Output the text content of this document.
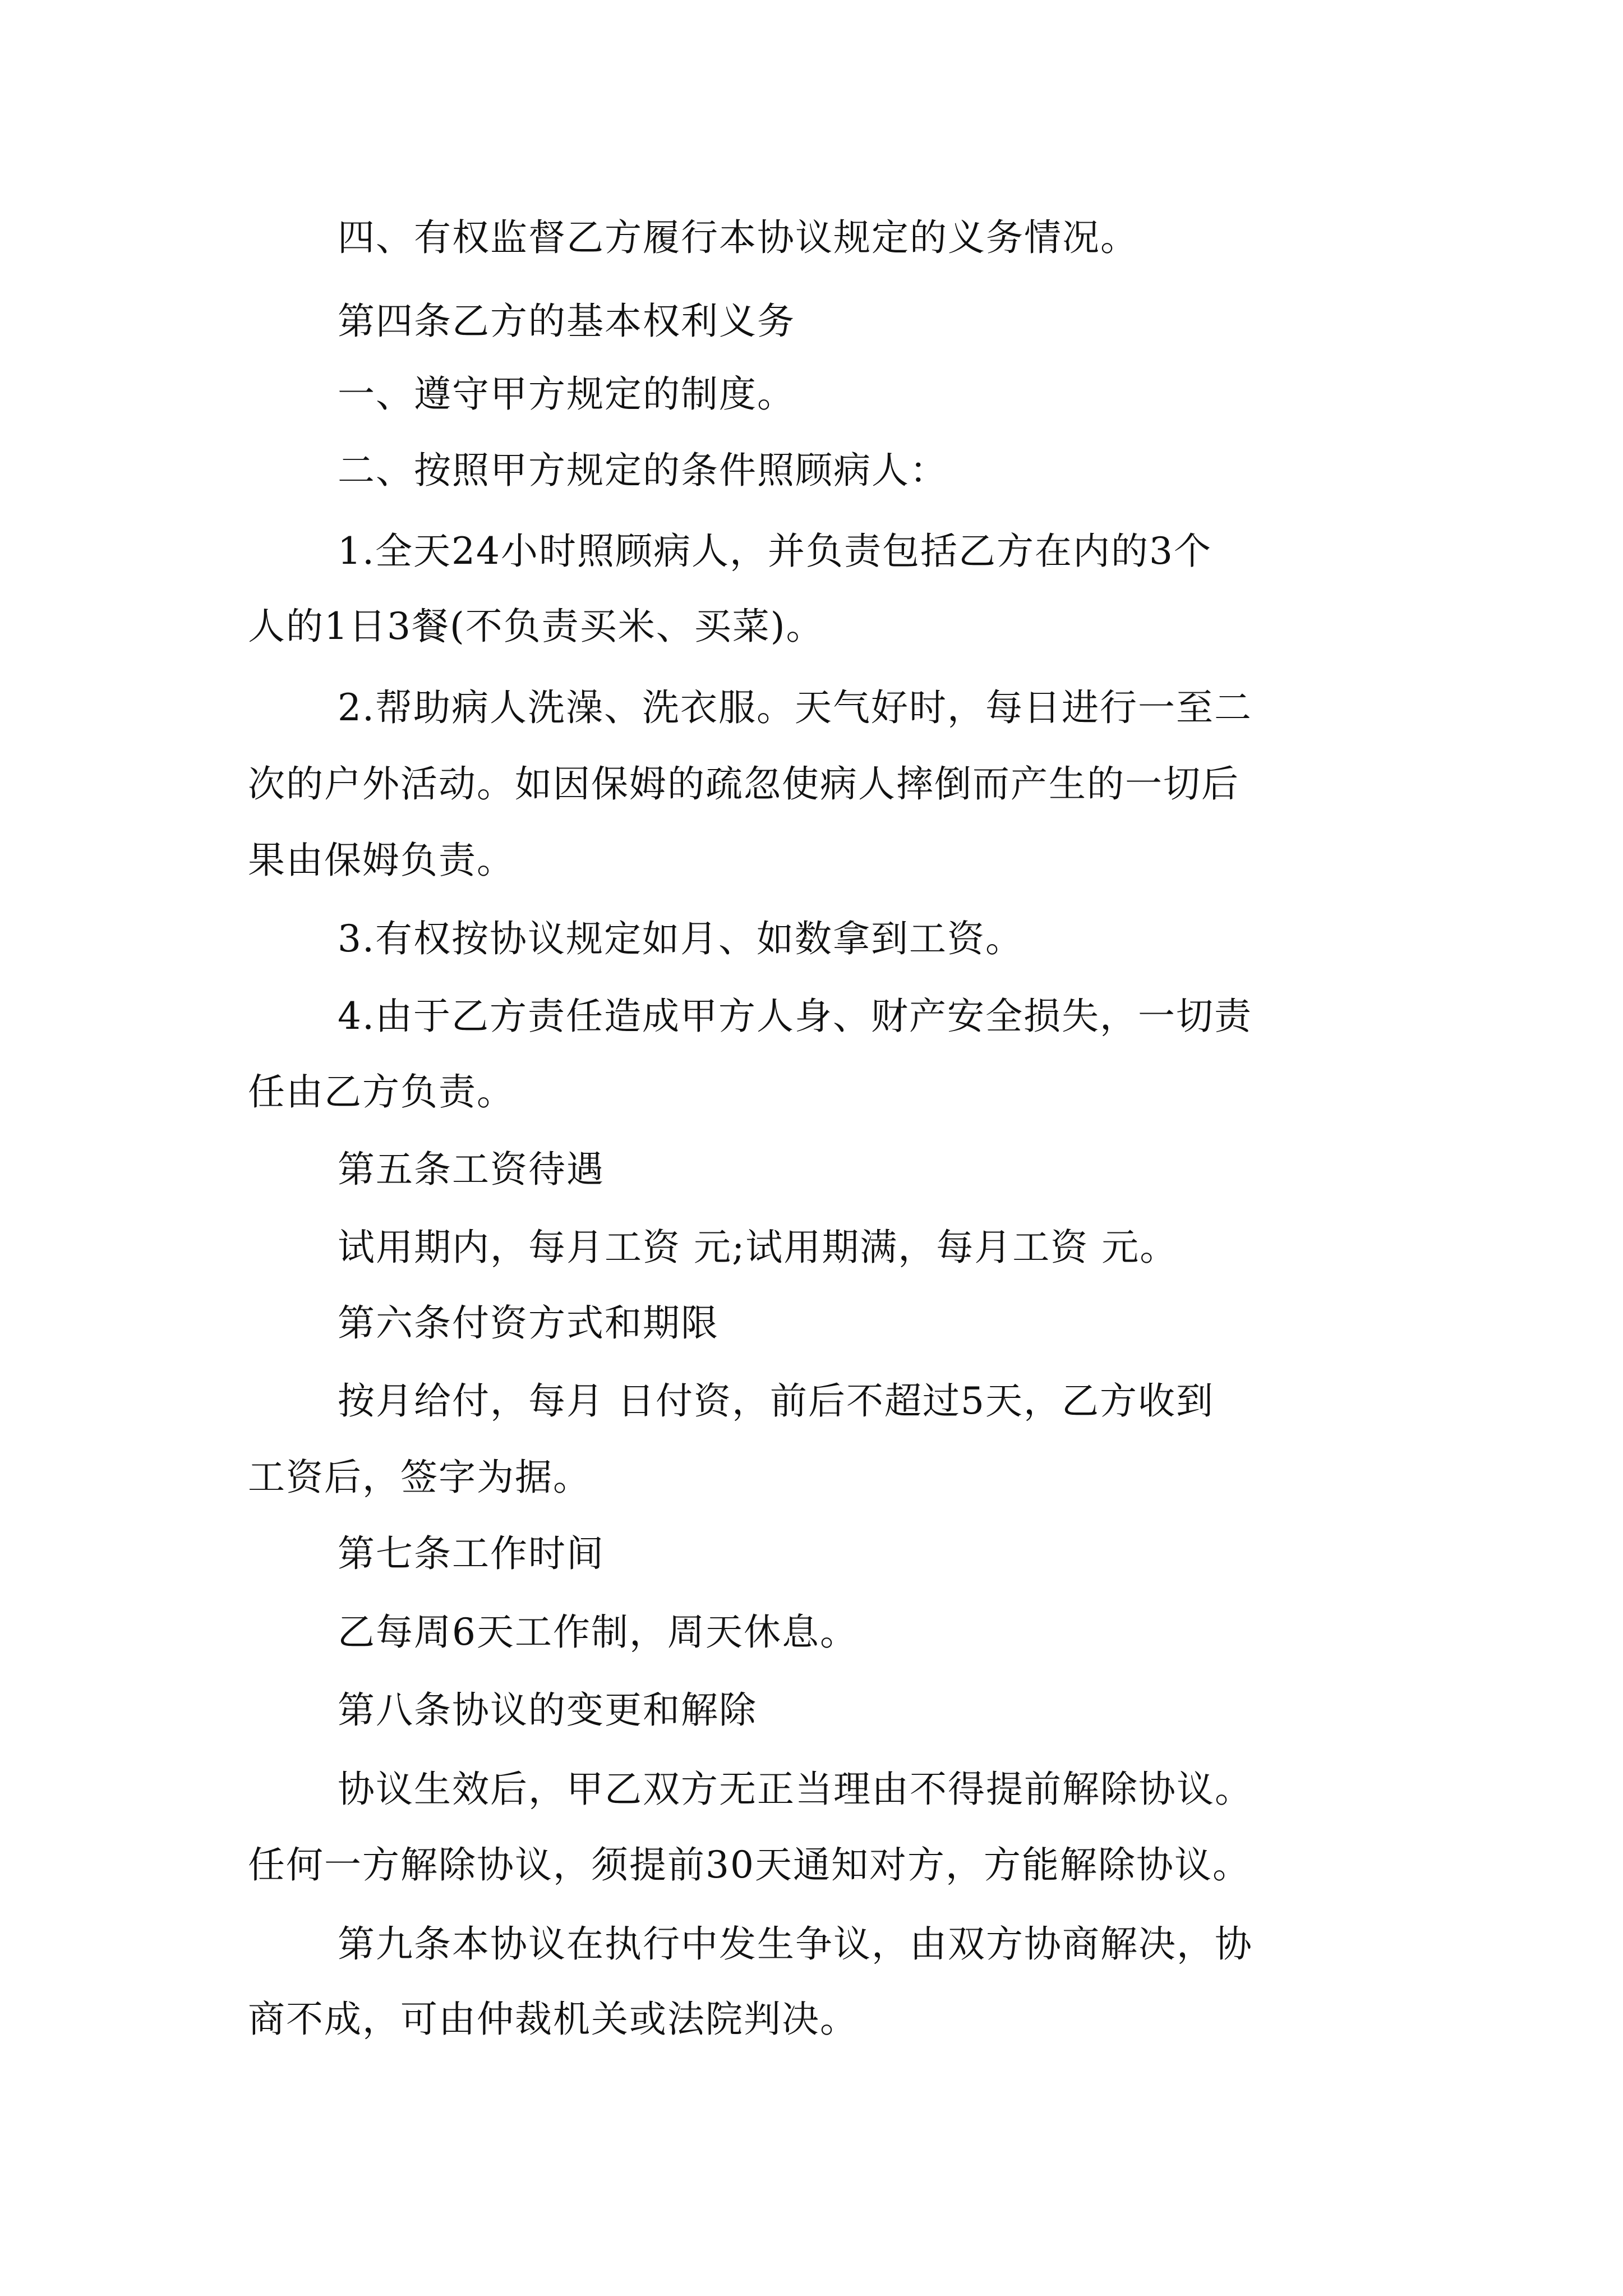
四、有权监督乙方履行本协议规定的义务情况。
第四条乙方的基本权利义务
一、遵守甲方规定的制度。
二、按照甲方规定的条件照顾病人：
1.全天24小时照顾病人，并负责包括乙方在内的3个
人的1日3餐(不负责买米、买菜)。
2.帮助病人洗澡、洗衣服。天气好时，每日进行一至二
次的户外活动。如因保姆的疏忽使病人摔倒而产生的一切后
果由保姆负责。
3.有权按协议规定如月、如数拿到工资。
4.由于乙方责任造成甲方人身、财产安全损失，一切责
任由乙方负责。
第五条工资待遇
试用期内，每月工资 元;试用期满，每月工资 元。
第六条付资方式和期限
按月给付，每月 日付资，前后不超过5天，乙方收到
工资后，签字为据。
第七条工作时间
乙每周6天工作制，周天休息。
第八条协议的变更和解除
协议生效后，甲乙双方无正当理由不得提前解除协议。
任何一方解除协议，须提前30天通知对方，方能解除协议。
第九条本协议在执行中发生争议，由双方协商解决，协
商不成，可由仲裁机关或法院判决。
